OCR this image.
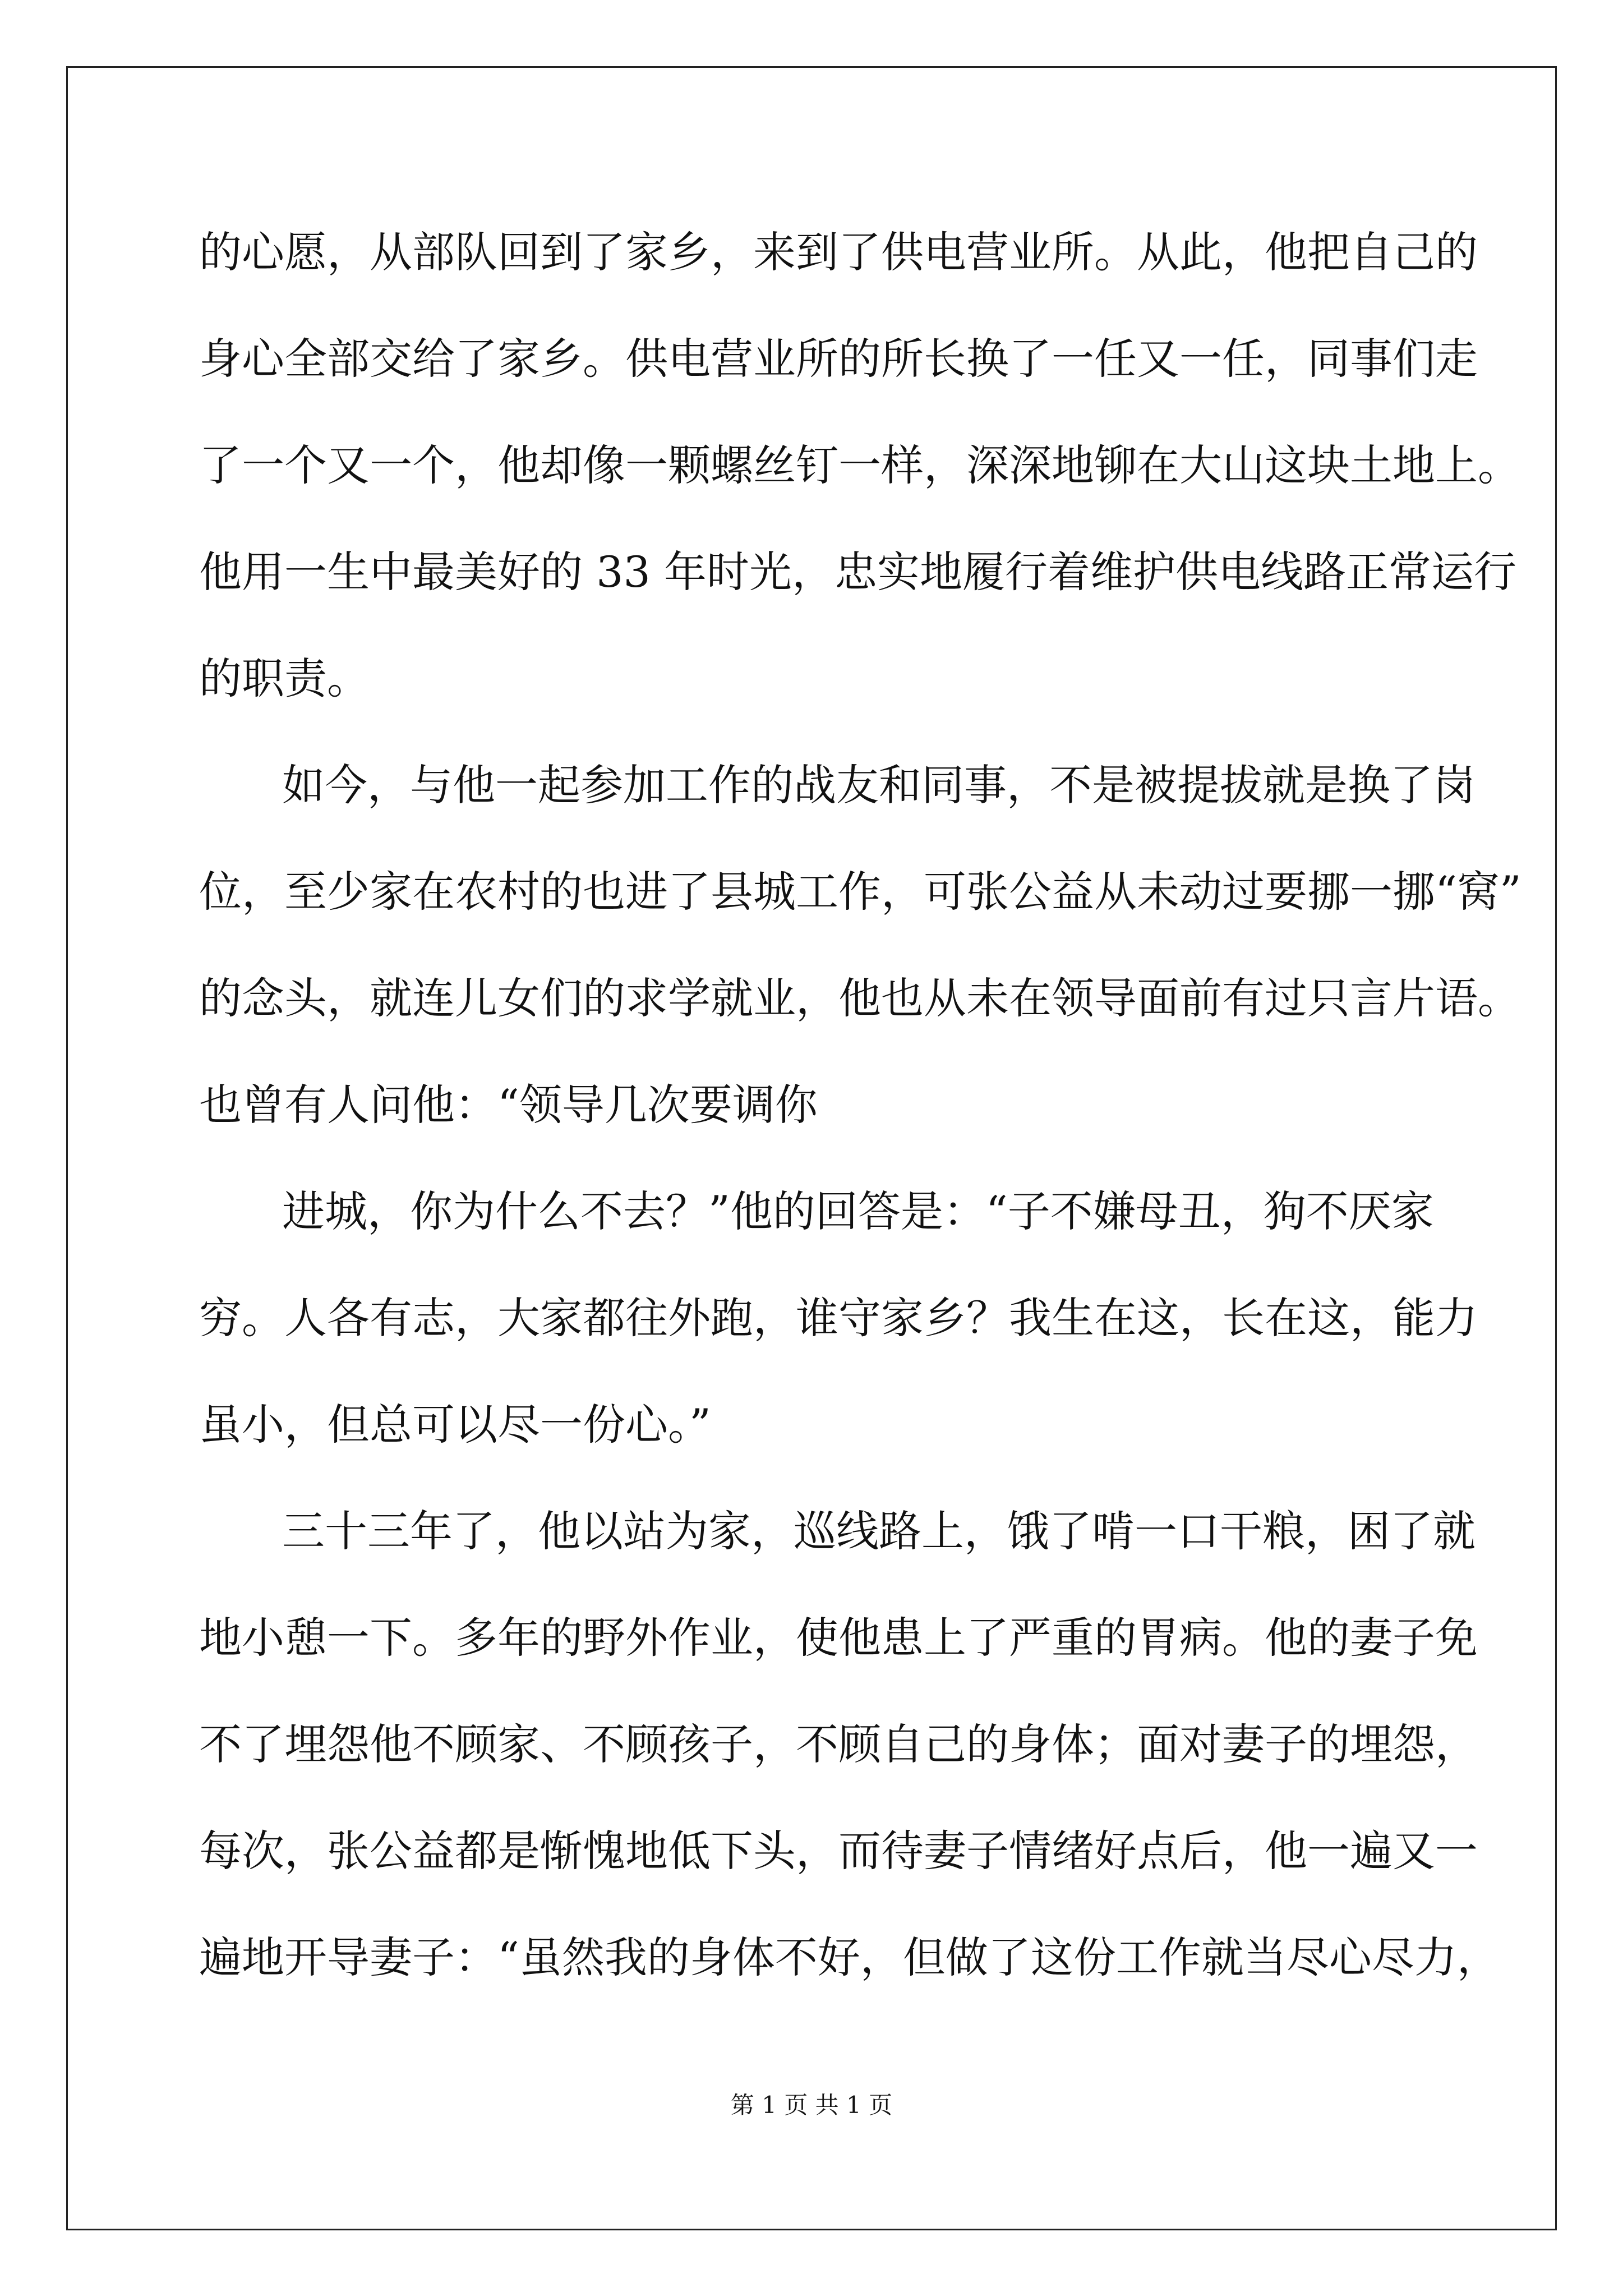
的心愿，从部队回到了家乡，来到了供电营业所。从此，他把自己的
身心全部交给了家乡。供电营业所的所长换了一任又一任，同事们走
了一个又一个，他却像一颗螺丝钉一样，深深地铆在大山这块土地上。
他用一生中最美好的 33 年时光，忠实地履行着维护供电线路正常运行
的职责。
如今，与他一起参加工作的战友和同事，不是被提拔就是换了岗
位，至少家在农村的也进了县城工作，可张公益从未动过要挪一挪“窝”
的念头，就连儿女们的求学就业，他也从未在领导面前有过只言片语。
也曾有人问他：“领导几次要调你
进城，你为什么不去？”他的回答是：“子不嫌母丑，狗不厌家
穷。人各有志，大家都往外跑，谁守家乡？我生在这，长在这，能力
虽小，但总可以尽一份心。”
三十三年了，他以站为家，巡线路上，饿了啃一口干粮，困了就
地小憩一下。多年的野外作业，使他患上了严重的胃病。他的妻子免
不了埋怨他不顾家、不顾孩子，不顾自己的身体；面对妻子的埋怨，
每次，张公益都是惭愧地低下头，而待妻子情绪好点后，他一遍又一
遍地开导妻子：“虽然我的身体不好，但做了这份工作就当尽心尽力，
第 1 页 共 1 页
